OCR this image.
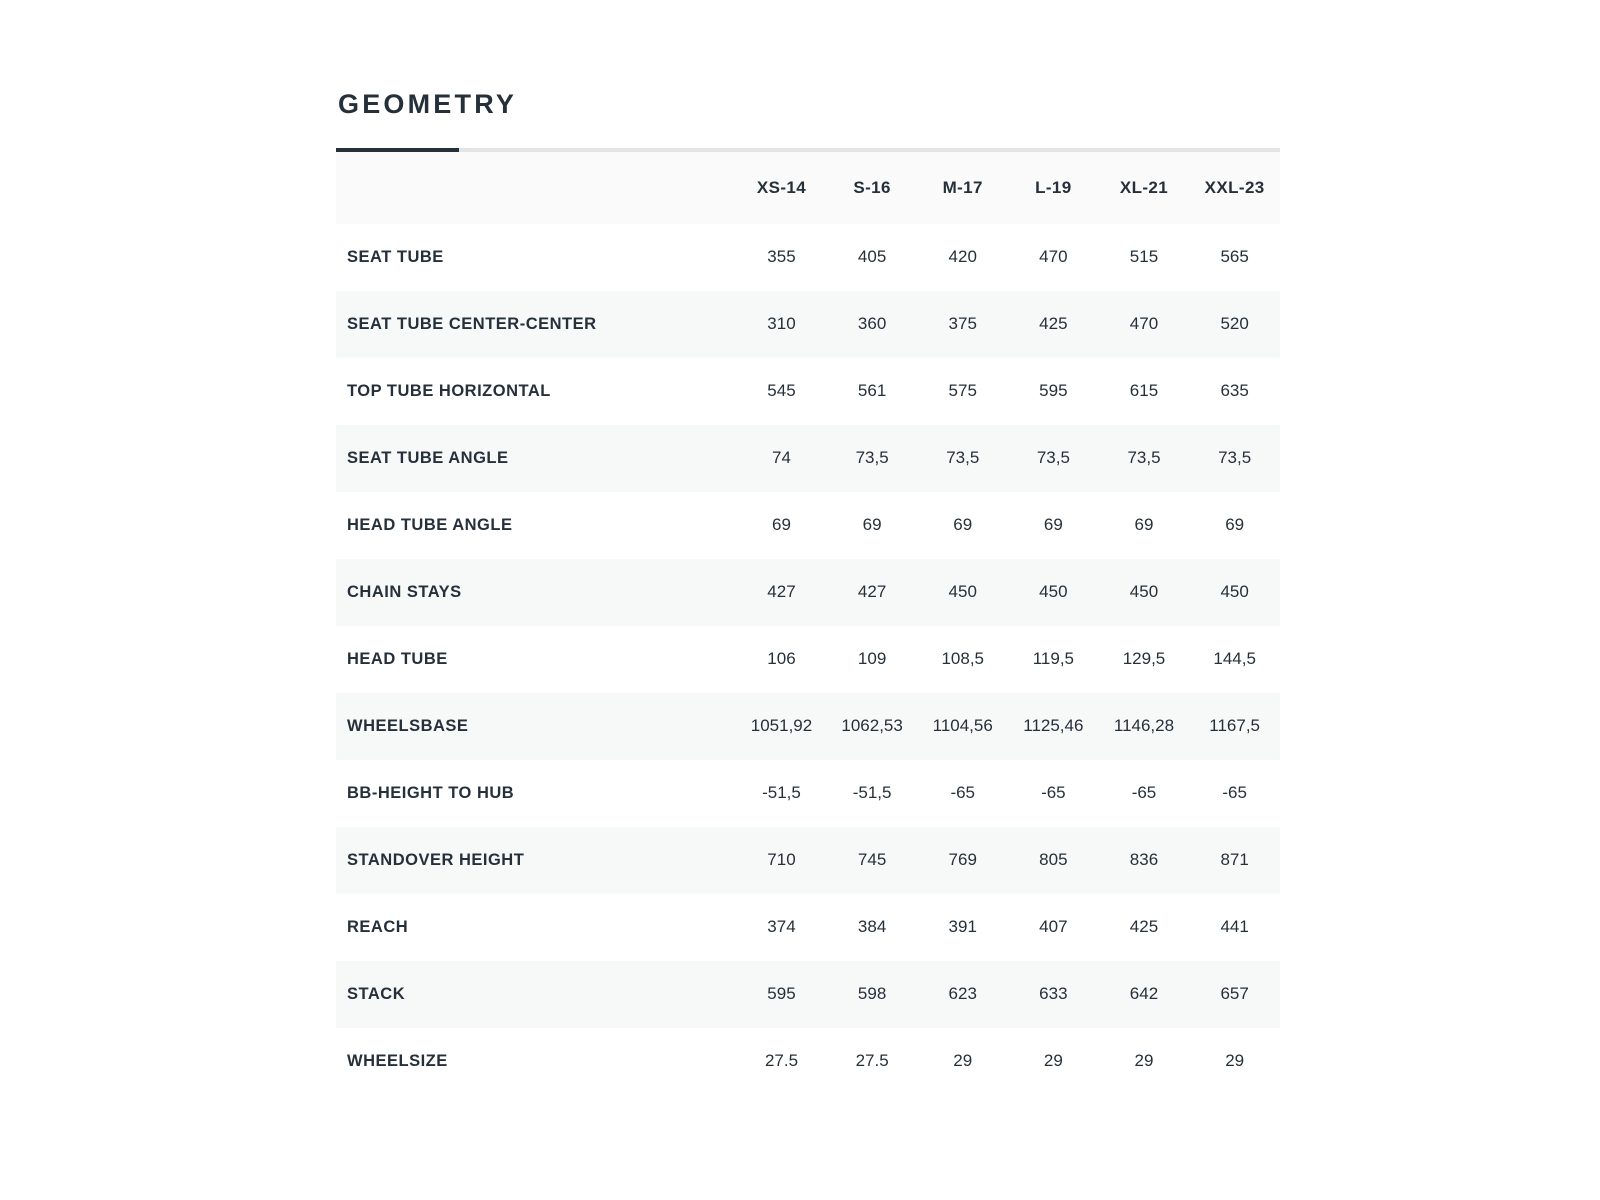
GEOMETRY
	XS-14	S-16	M-17	L-19	XL-21	XXL-23
SEAT TUBE	355	405	420	470	515	565
SEAT TUBE CENTER-CENTER	310	360	375	425	470	520
TOP TUBE HORIZONTAL	545	561	575	595	615	635
SEAT TUBE ANGLE	74	73,5	73,5	73,5	73,5	73,5
HEAD TUBE ANGLE	69	69	69	69	69	69
CHAIN STAYS	427	427	450	450	450	450
HEAD TUBE	106	109	108,5	119,5	129,5	144,5
WHEELSBASE	1051,92	1062,53	1104,56	1125,46	1146,28	1167,5
BB-HEIGHT TO HUB	-51,5	-51,5	-65	-65	-65	-65
STANDOVER HEIGHT	710	745	769	805	836	871
REACH	374	384	391	407	425	441
STACK	595	598	623	633	642	657
WHEELSIZE	27.5	27.5	29	29	29	29
